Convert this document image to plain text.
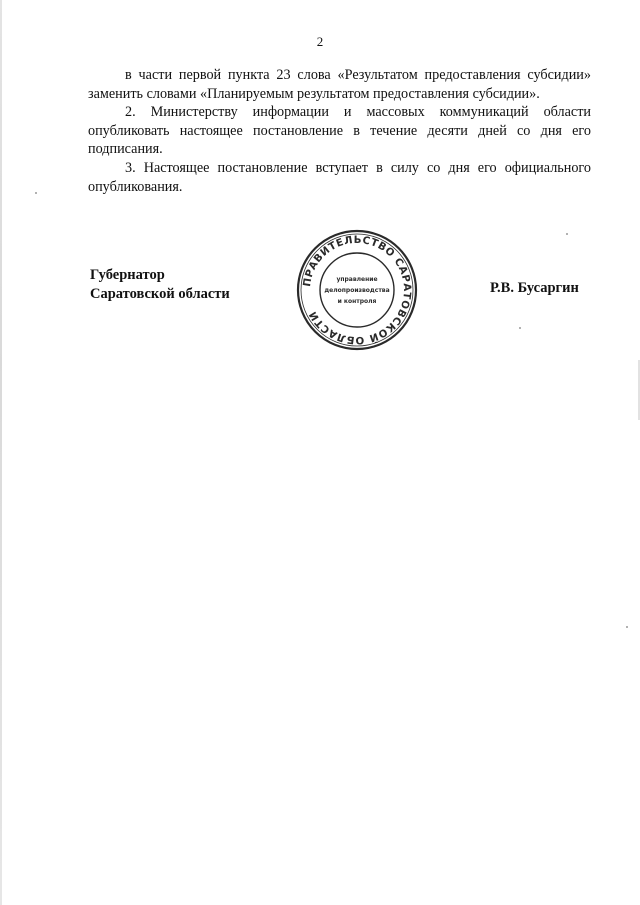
2

в части первой пункта 23 слова «Результатом предоставления субсидии» заменить словами «Планируемым результатом предоставления субсидии».

2. Министерству информации и массовых коммуникаций области опубликовать настоящее постановление в течение десяти дней со дня его подписания.

3. Настоящее постановление вступает в силу со дня его официального опубликования.

Губернатор
Саратовской области
ПРАВИТЕЛЬСТВО САРАТОВСКОЙ ОБЛАСТИ
управление
делопроизводства
и контроля
Р.В. Бусаргин
